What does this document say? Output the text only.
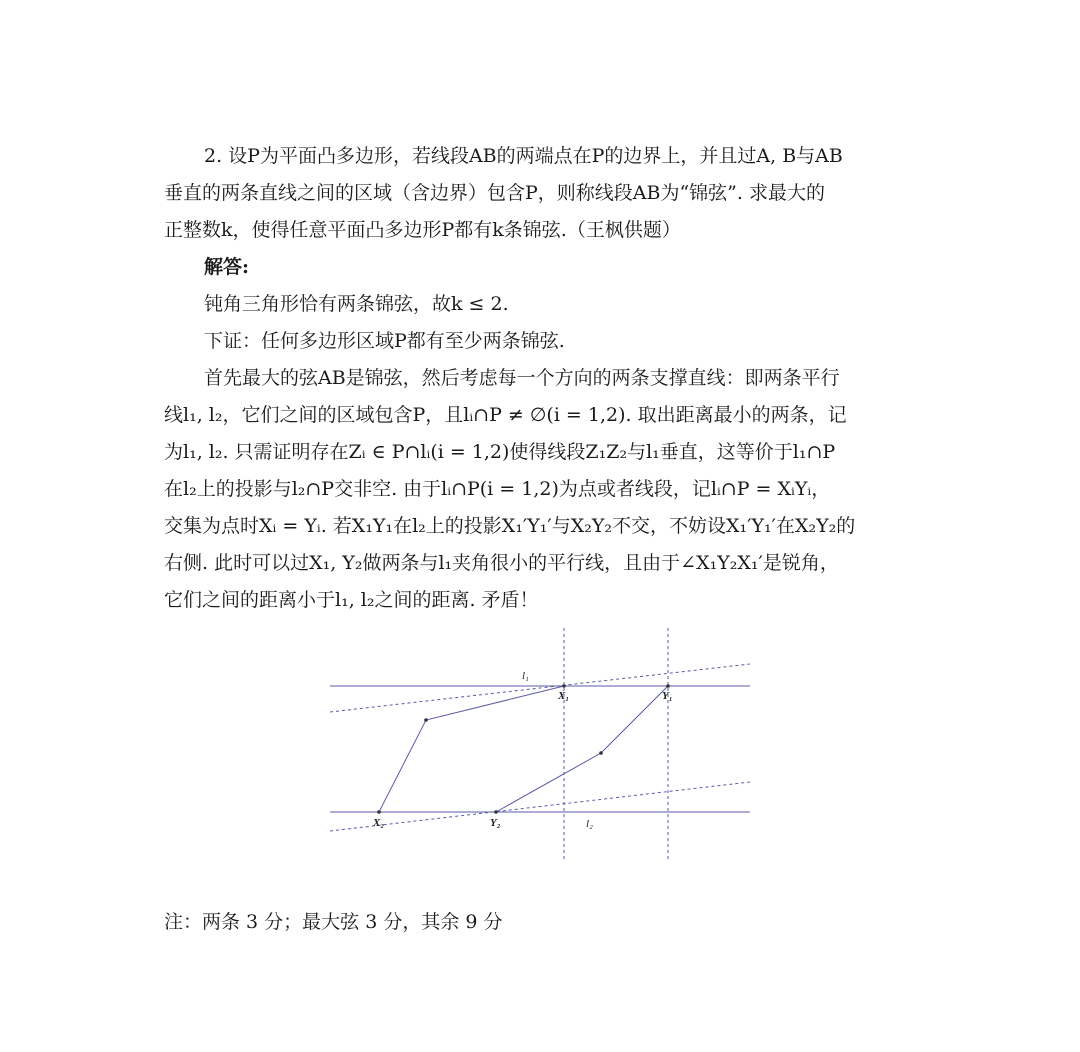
2. 设P为平面凸多边形，若线段AB的两端点在P的边界上，并且过A, B与AB

垂直的两条直线之间的区域（含边界）包含P，则称线段AB为“锦弦”. 求最大的

正整数k，使得任意平面凸多边形P都有k条锦弦.（王枫供题）

解答:

钝角三角形恰有两条锦弦，故k ≤ 2.

下证：任何多边形区域P都有至少两条锦弦.

首先最大的弦AB是锦弦，然后考虑每一个方向的两条支撑直线：即两条平行

线l₁, l₂，它们之间的区域包含P，且lᵢ∩P ≠ ∅(i = 1,2). 取出距离最小的两条，记

为l₁, l₂. 只需证明存在Zᵢ ∈ P∩lᵢ(i = 1,2)使得线段Z₁Z₂与l₁垂直，这等价于l₁∩P

在l₂上的投影与l₂∩P交非空. 由于lᵢ∩P(i = 1,2)为点或者线段，记lᵢ∩P = XᵢYᵢ，

交集为点时Xᵢ = Yᵢ. 若X₁Y₁在l₂上的投影X₁′Y₁′与X₂Y₂不交，不妨设X₁′Y₁′在X₂Y₂的

右侧. 此时可以过X₁, Y₂做两条与l₁夹角很小的平行线，且由于∠X₁Y₂X₁′是锐角，

它们之间的距离小于l₁, l₂之间的距离. 矛盾！

l₁
X₁	Y₁
X₂	Y₂	l₂
注：两条 3 分；最大弦 3 分，其余 9 分
